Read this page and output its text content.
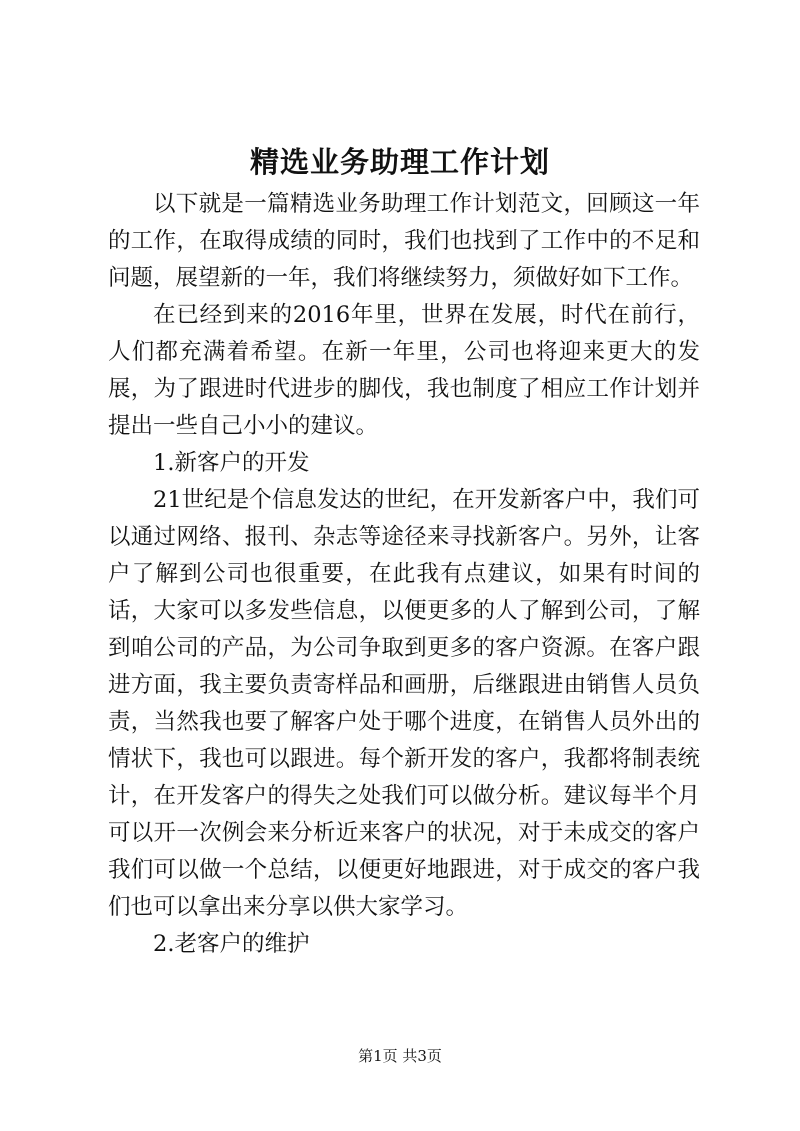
精选业务助理工作计划

以下就是一篇精选业务助理工作计划范文，回顾这一年的工作，在取得成绩的同时，我们也找到了工作中的不足和问题，展望新的一年，我们将继续努力，须做好如下工作。

在已经到来的2016年里，世界在发展，时代在前行，人们都充满着希望。在新一年里，公司也将迎来更大的发展，为了跟进时代进步的脚伐，我也制度了相应工作计划并提出一些自己小小的建议。

1.新客户的开发

21世纪是个信息发达的世纪，在开发新客户中，我们可以通过网络、报刊、杂志等途径来寻找新客户。另外，让客户了解到公司也很重要，在此我有点建议，如果有时间的话，大家可以多发些信息，以便更多的人了解到公司，了解到咱公司的产品，为公司争取到更多的客户资源。在客户跟进方面，我主要负责寄样品和画册，后继跟进由销售人员负责，当然我也要了解客户处于哪个进度，在销售人员外出的情状下，我也可以跟进。每个新开发的客户，我都将制表统计，在开发客户的得失之处我们可以做分析。建议每半个月可以开一次例会来分析近来客户的状况，对于未成交的客户我们可以做一个总结，以便更好地跟进，对于成交的客户我们也可以拿出来分享以供大家学习。

2.老客户的维护

第1页 共3页
